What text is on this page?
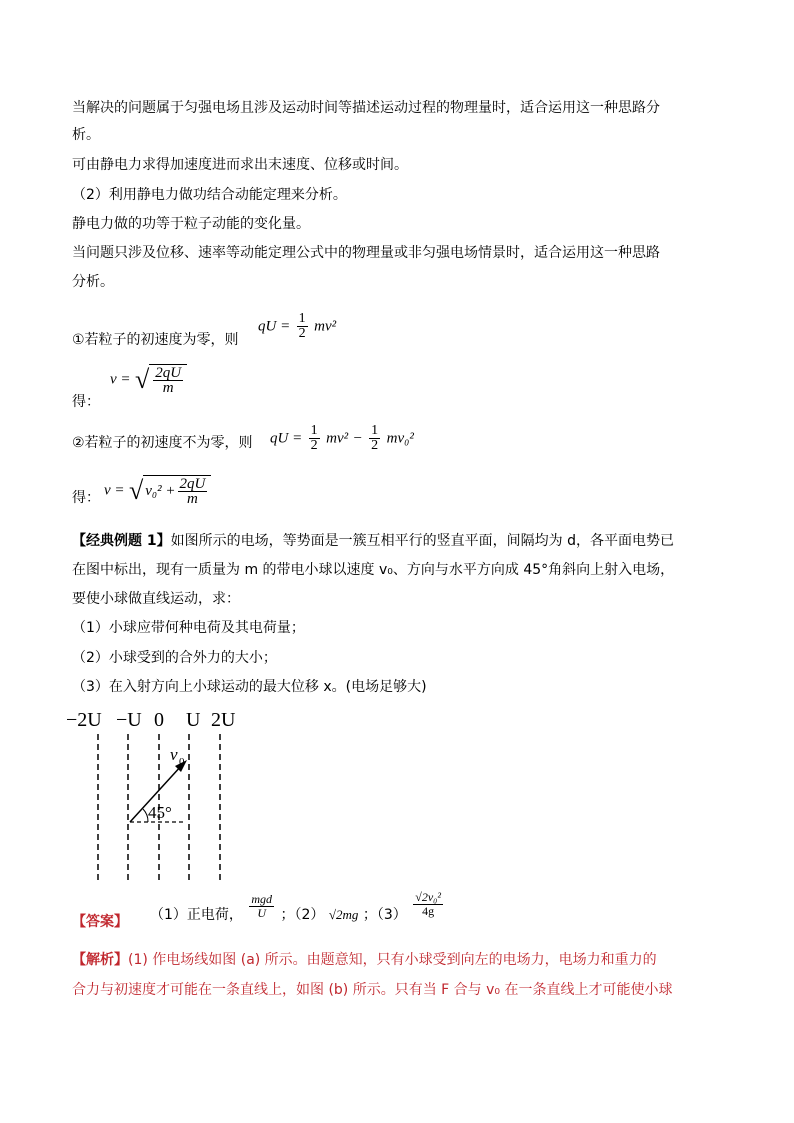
当解决的问题属于匀强电场且涉及运动时间等描述运动过程的物理量时，适合运用这一种思路分
析。
可由静电力求得加速度进而求出末速度、位移或时间。
（2）利用静电力做功结合动能定理来分析。
静电力做的功等于粒子动能的变化量。
当问题只涉及位移、速率等动能定理公式中的物理量或非匀强电场情景时，适合运用这一种思路
分析。
①若粒子的初速度为零，则
qU = $\frac{1}{2} mv^2$
得：
v = √ $\frac{2qU}{m}$
②若粒子的初速度不为零，则 qU = $\frac{1}{2} mv^2 - \frac{1}{2} mv_0^2$
得： v = √ $v_0^2 + \frac{2qU}{m}$
【经典例题 1】如图所示的电场，等势面是一簇互相平行的竖直平面，间隔均为 d，各平面电势已
在图中标出，现有一质量为 m 的带电小球以速度 v₀、方向与水平方向成 45°角斜向上射入电场，
要使小球做直线运动，求：
（1）小球应带何种电荷及其电荷量；
（2）小球受到的合外力的大小；
（3）在入射方向上小球运动的最大位移 x。(电场足够大)
−2U −U 0 U 2U
v 0
45°
【答案】 （1）正电荷， $\frac{\text{mgd}}{U}$ ；（2） √2mg ；$(3) \frac{\text{√2v₀²}}{4g}$
【解析】(1) 作电场线如图 (a) 所示。由题意知，只有小球受到向左的电场力，电场力和重力的
合力与初速度才可能在一条直线上，如图 (b) 所示。只有当 F 合与 v₀ 在一条直线上才可能使小球
